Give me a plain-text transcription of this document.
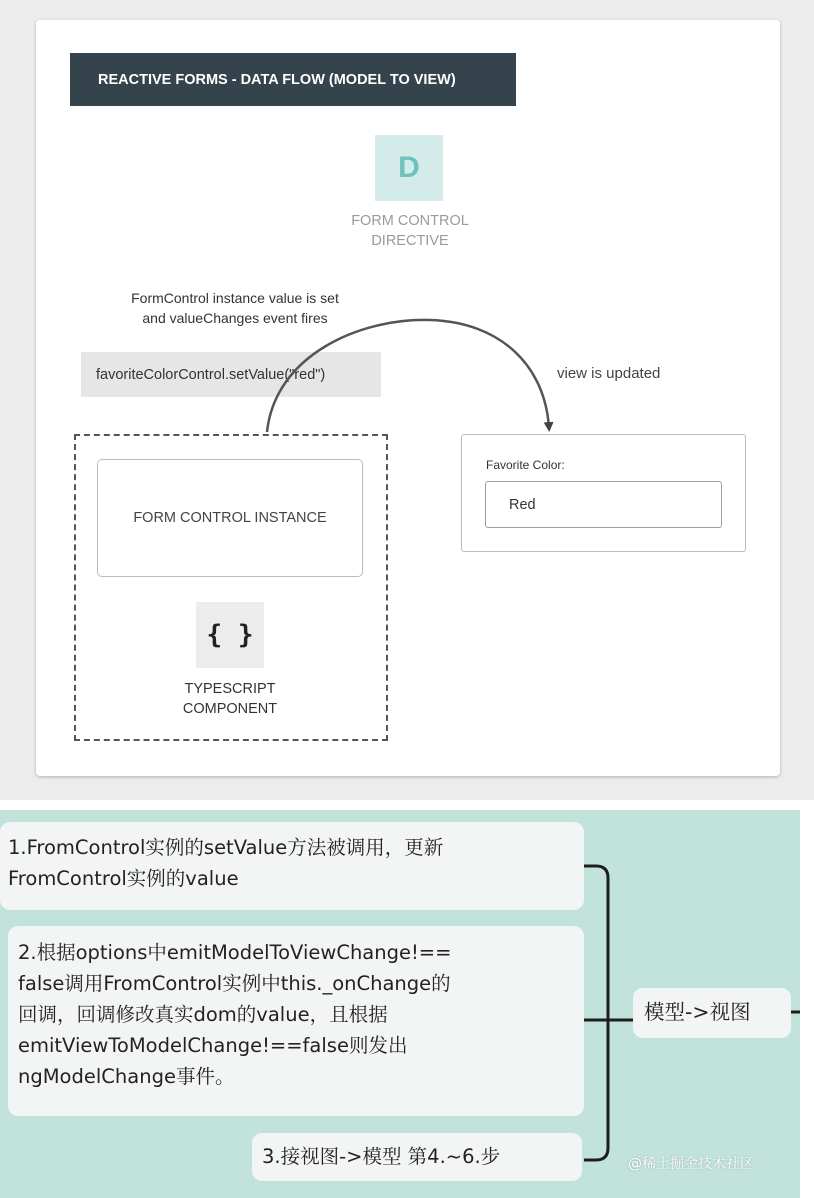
REACTIVE FORMS - DATA FLOW (MODEL TO VIEW)
D
FORM CONTROL
DIRECTIVE
FormControl instance value is set
and valueChanges event fires
favoriteColorControl.setValue("red")	view is updated
FORM CONTROL INSTANCE
{ }
TYPESCRIPT
COMPONENT
Favorite Color:
Red
1.FromControl实例的setValue方法被调用，更新
FromControl实例的value
2.根据options中emitModelToViewChange!==
false调用FromControl实例中this._onChange的
回调，回调修改真实dom的value，且根据
emitViewToModelChange!==false则发出
ngModelChange事件。
3.接视图->模型 第4.~6.步
模型->视图
@稀土掘金技术社区
